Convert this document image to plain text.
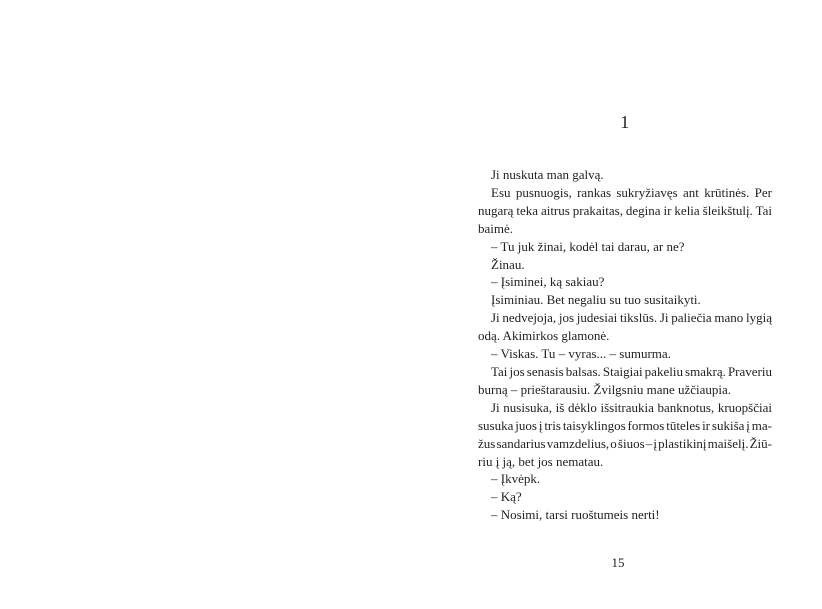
1
Ji nuskuta man galvą.
Esu pusnuogis, rankas sukryžiavęs ant krūtinės. Per
nugarą teka aitrus prakaitas, degina ir kelia šleikštulį. Tai
baimė.
– Tu juk žinai, kodėl tai darau, ar ne?
Žinau.
– Įsiminei, ką sakiau?
Įsiminiau. Bet negaliu su tuo susitaikyti.
Ji nedvejoja, jos judesiai tikslūs. Ji paliečia mano lygią
odą. Akimirkos glamonė.
– Viskas. Tu – vyras... – sumurma.
Tai jos senasis balsas. Staigiai pakeliu smakrą. Praveriu
burną – prieštarausiu. Žvilgsniu mane užčiaupia.
Ji nusisuka, iš dėklo išsitraukia banknotus, kruopščiai
susuka juos į tris taisyklingos formos tūteles ir sukiša į ma-
žus sandarius vamzdelius, o šiuos – į plastikinį maišelį. Žiū-
riu į ją, bet jos nematau.
– Įkvėpk.
– Ką?
– Nosimi, tarsi ruoštumeis nerti!
15
